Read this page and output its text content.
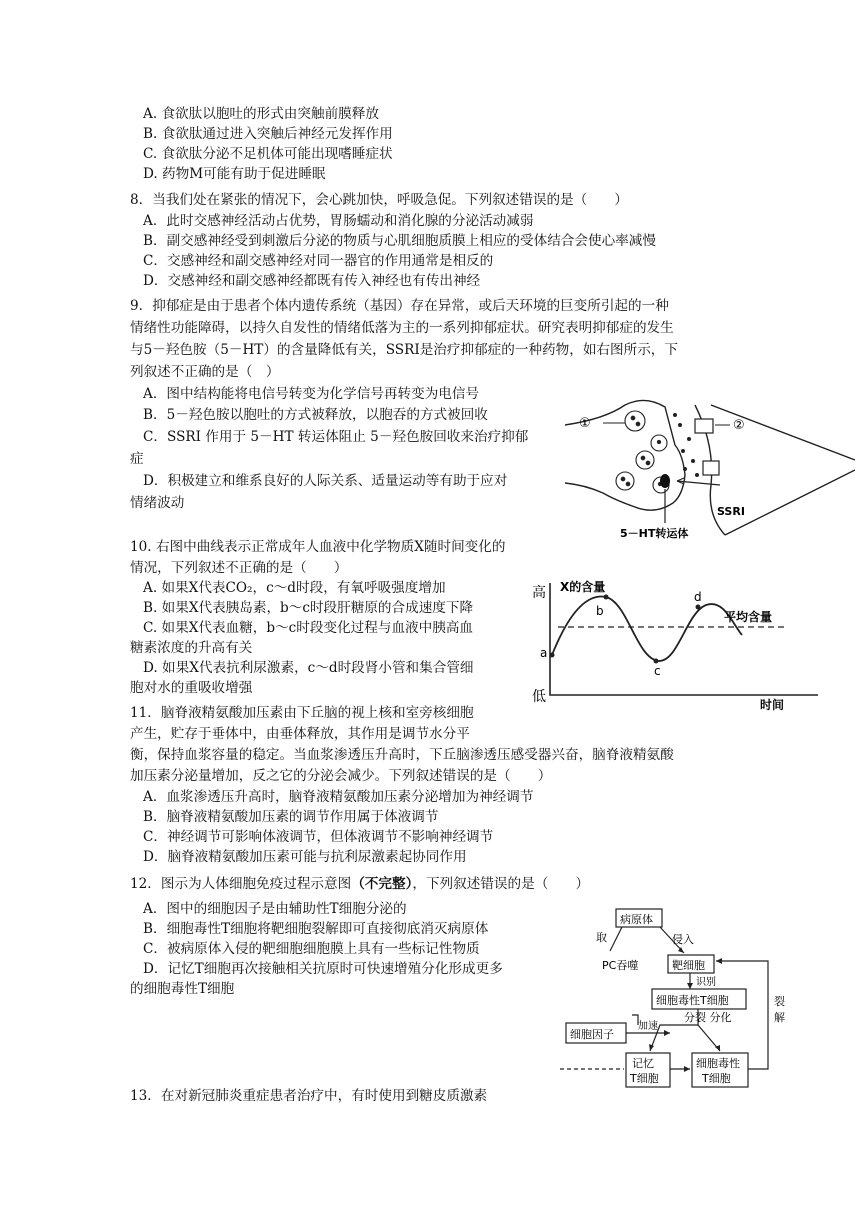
A. 食欲肽以胞吐的形式由突触前膜释放
B. 食欲肽通过进入突触后神经元发挥作用
C. 食欲肽分泌不足机体可能出现嗜睡症状
D. 药物M可能有助于促进睡眠
8．当我们处在紧张的情况下，会心跳加快，呼吸急促。下列叙述错误的是（　　）
A．此时交感神经活动占优势，胃肠蠕动和消化腺的分泌活动减弱
B．副交感神经受到刺激后分泌的物质与心肌细胞质膜上相应的受体结合会使心率减慢
C．交感神经和副交感神经对同一器官的作用通常是相反的
D．交感神经和副交感神经都既有传入神经也有传出神经
9．抑郁症是由于患者个体内遗传系统（基因）存在异常，或后天环境的巨变所引起的一种
情绪性功能障碍，以持久自发性的情绪低落为主的一系列抑郁症状。研究表明抑郁症的发生
与5－羟色胺（5－HT）的含量降低有关，SSRI是治疗抑郁症的一种药物，如右图所示，下
列叙述不正确的是（　）
A．图中结构能将电信号转变为化学信号再转变为电信号
B．5－羟色胺以胞吐的方式被释放，以胞吞的方式被回收
C．SSRI 作用于 5－HT 转运体阻止 5－羟色胺回收来治疗抑郁
症
D．积极建立和维系良好的人际关系、适量运动等有助于应对
情绪波动
①	②
SSRI
5－HT转运体
10. 右图中曲线表示正常成年人血液中化学物质X随时间变化的
情况，下列叙述不正确的是（　　）
A. 如果X代表CO₂，c～d时段，有氧呼吸强度增加
B. 如果X代表胰岛素，b～c时段肝糖原的合成速度下降
C. 如果X代表血糖，b～c时段变化过程与血液中胰高血
糖素浓度的升高有关
D. 如果X代表抗利尿激素，c～d时段肾小管和集合管细
胞对水的重吸收增强
高
低
X的含量
平均含量
时间
a
b
c
d
11．脑脊液精氨酸加压素由下丘脑的视上核和室旁核细胞
产生，贮存于垂体中，由垂体释放，其作用是调节水分平
衡，保持血浆容量的稳定。当血浆渗透压升高时，下丘脑渗透压感受器兴奋，脑脊液精氨酸
加压素分泌量增加，反之它的分泌会减少。下列叙述错误的是（　　）
A．血浆渗透压升高时，脑脊液精氨酸加压素分泌增加为神经调节
B．脑脊液精氨酸加压素的调节作用属于体液调节
C．神经调节可影响体液调节，但体液调节不影响神经调节
D．脑脊液精氨酸加压素可能与抗利尿激素起协同作用
12．图示为人体细胞免疫过程示意图（不完整），下列叙述错误的是（　　）
A．图中的细胞因子是由辅助性T细胞分泌的
B．细胞毒性T细胞将靶细胞裂解即可直接彻底消灭病原体
C．被病原体入侵的靶细胞细胞膜上具有一些标记性物质
D．记忆T细胞再次接触相关抗原时可快速增殖分化形成更多
的细胞毒性T细胞
病原体
取	侵入
PC吞噬	靶细胞
识别
细胞毒性T细胞
细胞因子
加速
分裂 分化
记忆
T细胞
细胞毒性
T细胞
裂
解
13．在对新冠肺炎重症患者治疗中，有时使用到糖皮质激素
